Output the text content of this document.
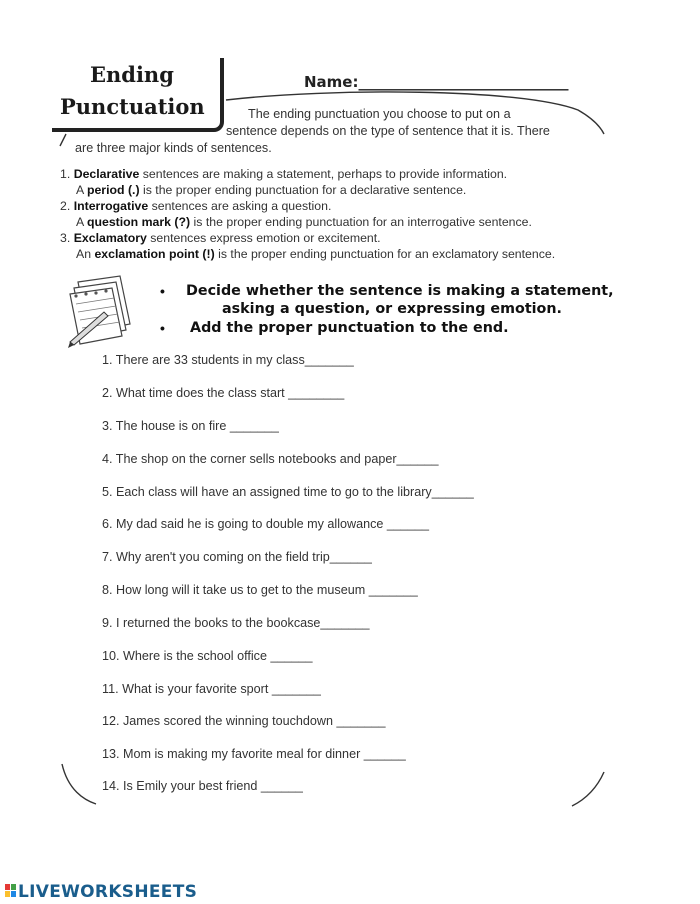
Ending
Punctuation
Name:____________________________
The ending punctuation you choose to put on a
sentence depends on the type of sentence that it is. There
are three major kinds of sentences.
1. Declarative sentences are making a statement, perhaps to provide information.
A period (.) is the proper ending punctuation for a declarative sentence.
2. Interrogative sentences are asking a question.
A question mark (?) is the proper ending punctuation for an interrogative sentence.
3. Exclamatory sentences express emotion or excitement.
An exclamation point (!) is the proper ending punctuation for an exclamatory sentence.
• Decide whether the sentence is making a statement,
asking a question, or expressing emotion.
• Add the proper punctuation to the end.
1. There are 33 students in my class_______
2. What time does the class start ________
3. The house is on fire _______
4. The shop on the corner sells notebooks and paper______
5. Each class will have an assigned time to go to the library______
6. My dad said he is going to double my allowance ______
7. Why aren't you coming on the field trip______
8. How long will it take us to get to the museum _______
9. I returned the books to the bookcase_______
10. Where is the school office ______
11. What is your favorite sport _______
12. James scored the winning touchdown _______
13. Mom is making my favorite meal for dinner ______
14. Is Emily your best friend ______
LIVEWORKSHEETS
